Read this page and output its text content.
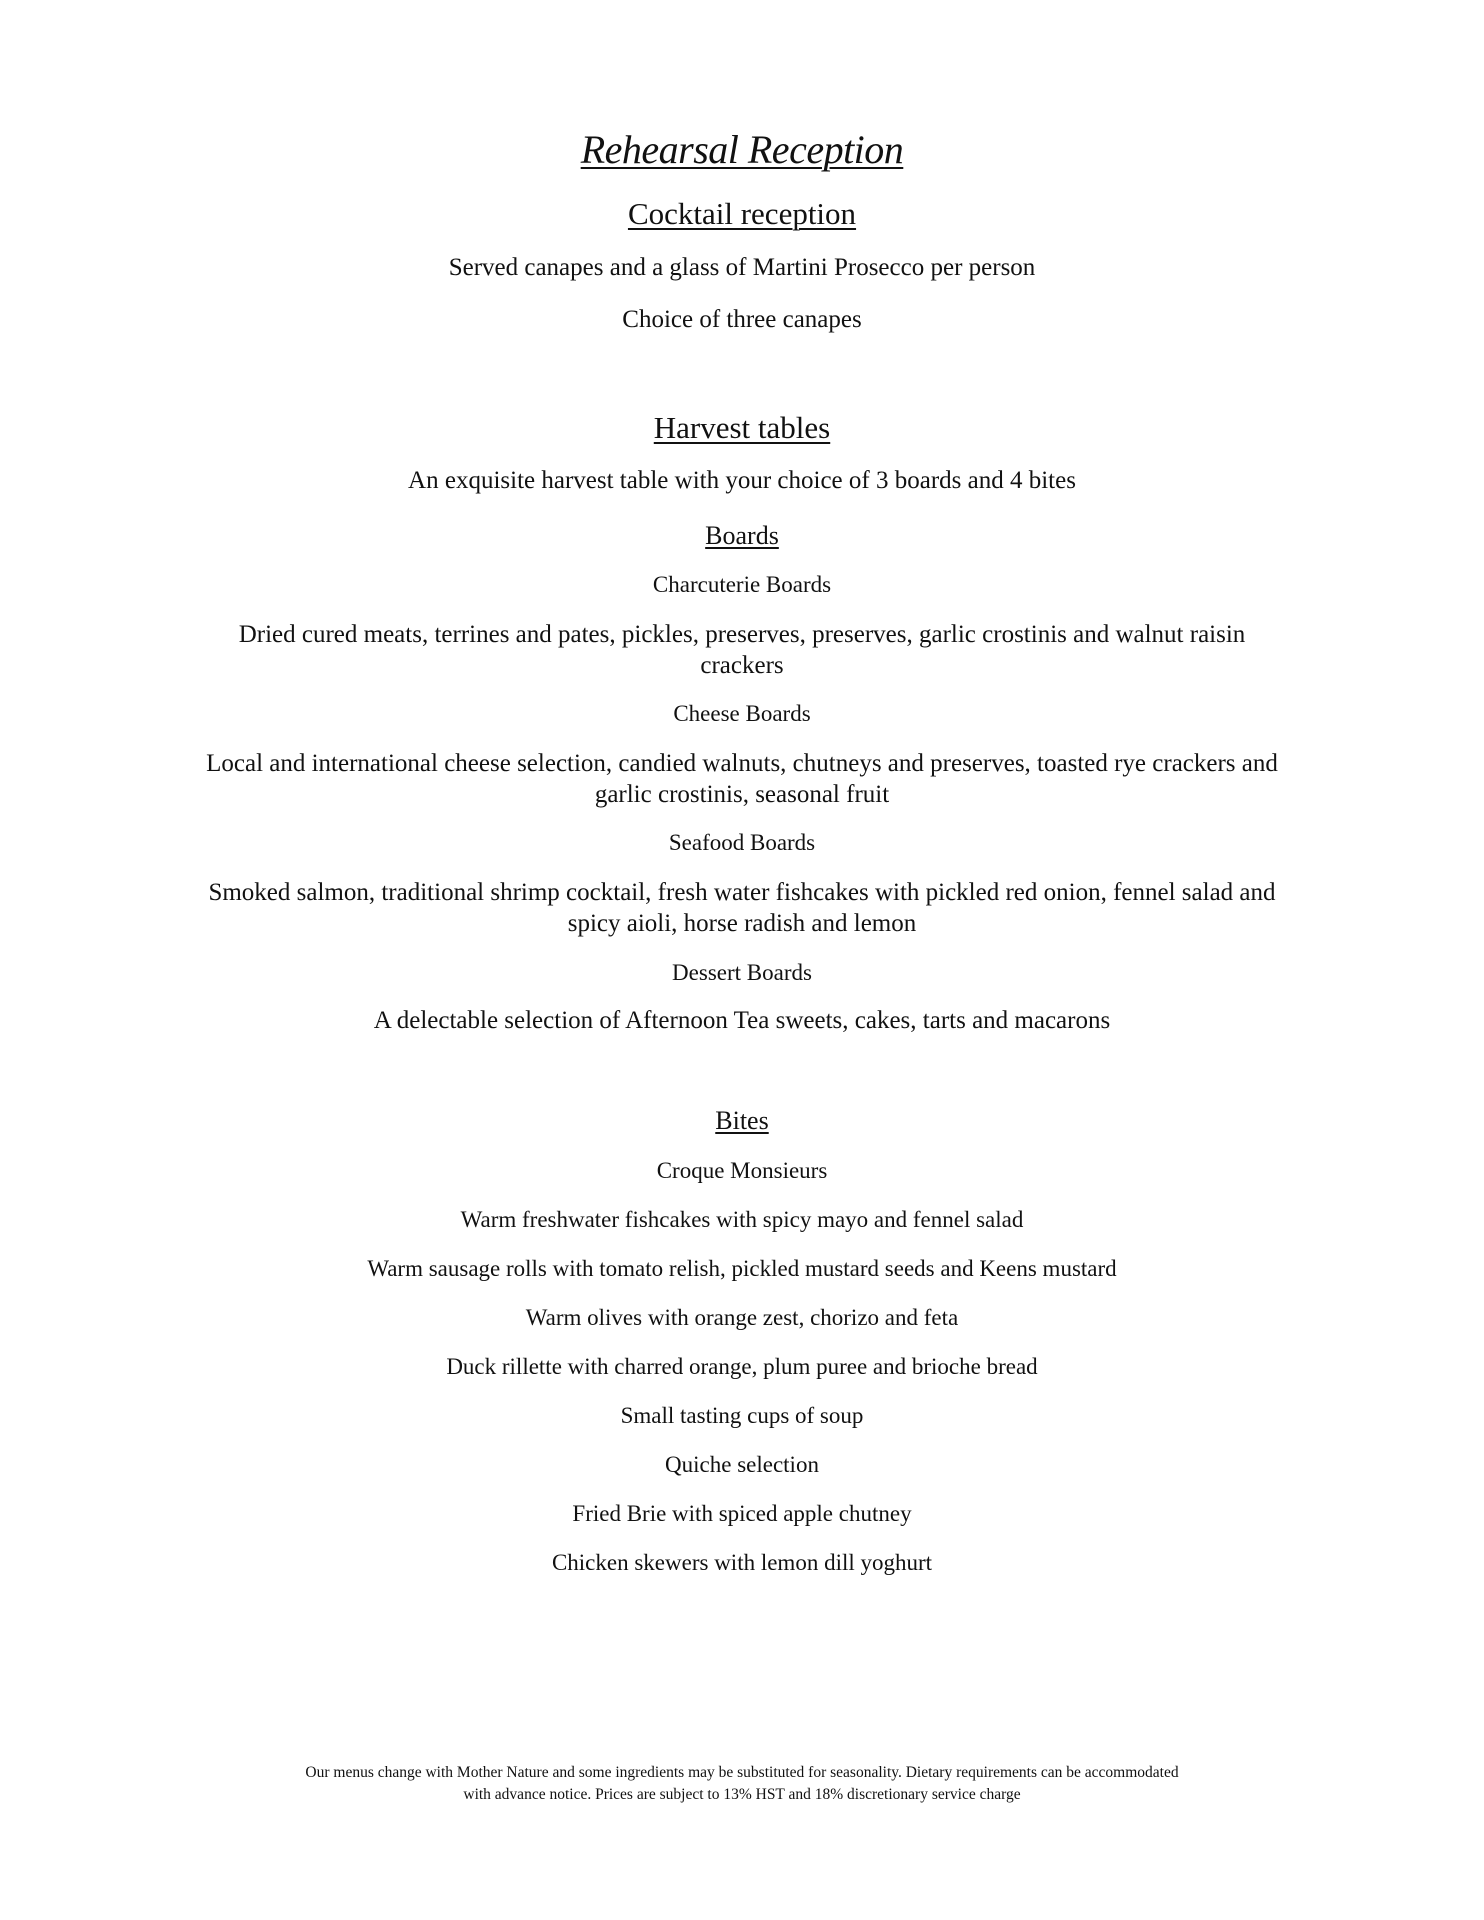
Rehearsal Reception
Cocktail reception
Served canapes and a glass of Martini Prosecco per person
Choice of three canapes
Harvest tables
An exquisite harvest table with your choice of 3 boards and 4 bites
Boards
Charcuterie Boards
Dried cured meats, terrines and pates, pickles, preserves, preserves, garlic crostinis and walnut raisin crackers
Cheese Boards
Local and international cheese selection, candied walnuts, chutneys and preserves, toasted rye crackers and garlic crostinis, seasonal fruit
Seafood Boards
Smoked salmon, traditional shrimp cocktail, fresh water fishcakes with pickled red onion, fennel salad and spicy aioli, horse radish and lemon
Dessert Boards
A delectable selection of Afternoon Tea sweets, cakes, tarts and macarons
Bites
Croque Monsieurs
Warm freshwater fishcakes with spicy mayo and fennel salad
Warm sausage rolls with tomato relish, pickled mustard seeds and Keens mustard
Warm olives with orange zest, chorizo and feta
Duck rillette with charred orange, plum puree and brioche bread
Small tasting cups of soup
Quiche selection
Fried Brie with spiced apple chutney
Chicken skewers with lemon dill yoghurt
Our menus change with Mother Nature and some ingredients may be substituted for seasonality. Dietary requirements can be accommodated
with advance notice. Prices are subject to 13% HST and 18% discretionary service charge
